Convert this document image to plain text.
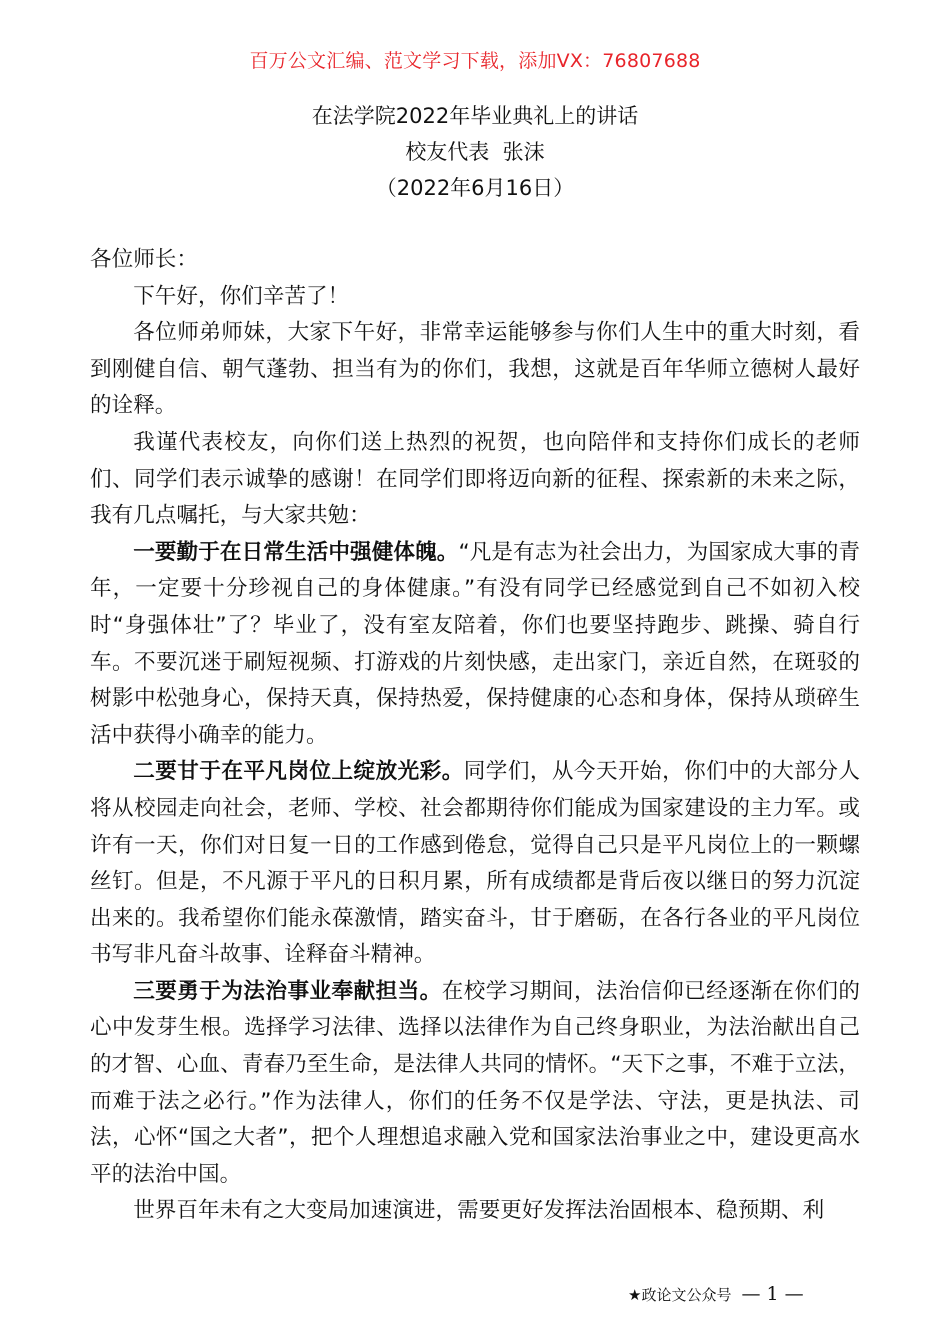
百万公文汇编、范文学习下载，添加VX：76807688
在法学院2022年毕业典礼上的讲话
校友代表  张沫
（2022年6月16日）

各位师长：

下午好，你们辛苦了！

各位师弟师妹，大家下午好，非常幸运能够参与你们人生中的重大时刻，看到刚健自信、朝气蓬勃、担当有为的你们，我想，这就是百年华师立德树人最好的诠释。

我谨代表校友，向你们送上热烈的祝贺，也向陪伴和支持你们成长的老师们、同学们表示诚挚的感谢！在同学们即将迈向新的征程、探索新的未来之际，我有几点嘱托，与大家共勉：

一要勤于在日常生活中强健体魄。“凡是有志为社会出力，为国家成大事的青年，一定要十分珍视自己的身体健康。”有没有同学已经感觉到自己不如初入校时“身强体壮”了？毕业了，没有室友陪着，你们也要坚持跑步、跳操、骑自行车。不要沉迷于刷短视频、打游戏的片刻快感，走出家门，亲近自然，在斑驳的树影中松弛身心，保持天真，保持热爱，保持健康的心态和身体，保持从琐碎生活中获得小确幸的能力。

二要甘于在平凡岗位上绽放光彩。同学们，从今天开始，你们中的大部分人将从校园走向社会，老师、学校、社会都期待你们能成为国家建设的主力军。或许有一天，你们对日复一日的工作感到倦怠，觉得自己只是平凡岗位上的一颗螺丝钉。但是，不凡源于平凡的日积月累，所有成绩都是背后夜以继日的努力沉淀出来的。我希望你们能永葆激情，踏实奋斗，甘于磨砺，在各行各业的平凡岗位书写非凡奋斗故事、诠释奋斗精神。

三要勇于为法治事业奉献担当。在校学习期间，法治信仰已经逐渐在你们的心中发芽生根。选择学习法律、选择以法律作为自己终身职业，为法治献出自己的才智、心血、青春乃至生命，是法律人共同的情怀。“天下之事，不难于立法，而难于法之必行。”作为法律人，你们的任务不仅是学法、守法，更是执法、司法，心怀“国之大者”，把个人理想追求融入党和国家法治事业之中，建设更高水平的法治中国。

世界百年未有之大变局加速演进，需要更好发挥法治固根本、稳预期、利

★政论文公众号 — 1 —
